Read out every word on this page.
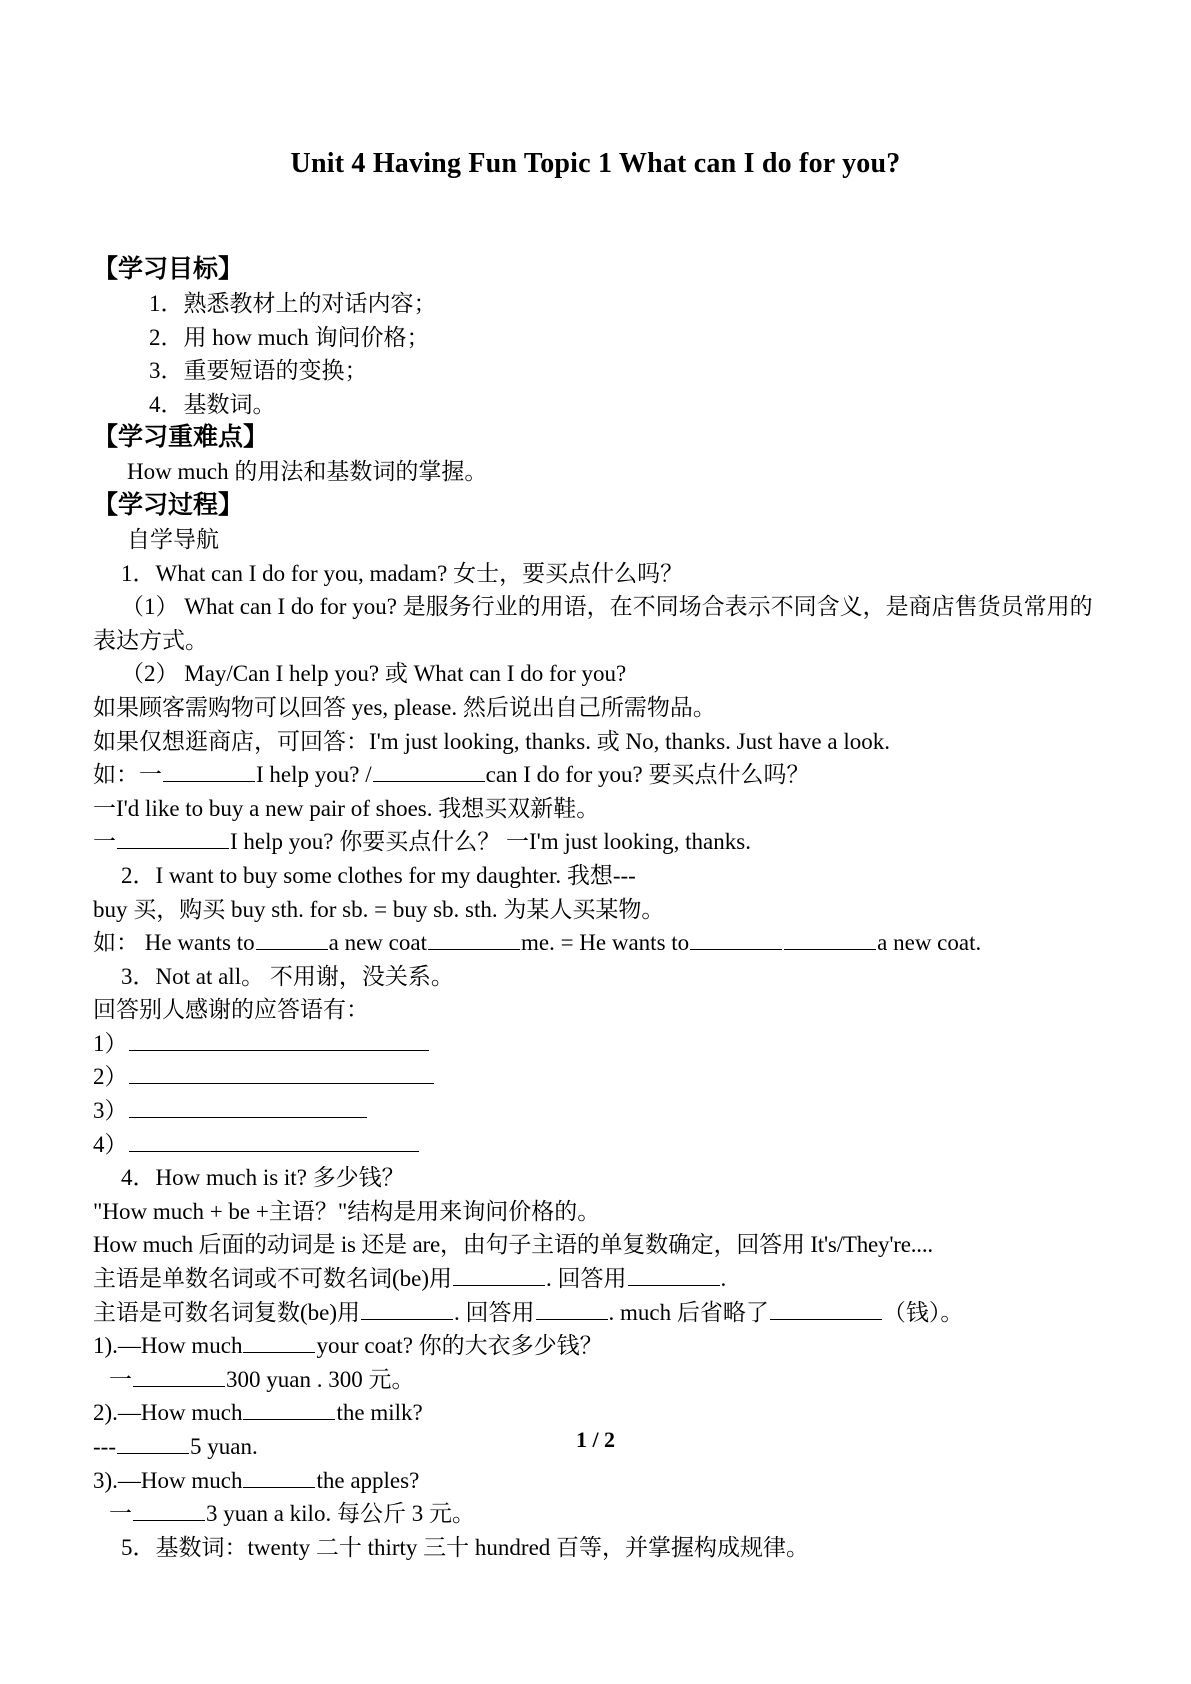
Unit 4 Having Fun Topic 1 What can I do for you?

【学习目标】

1．熟悉教材上的对话内容；

2．用 how much 询问价格；

3．重要短语的变换；

4．基数词。

【学习重难点】

How much 的用法和基数词的掌握。

【学习过程】

自学导航

1．What can I do for you, madam? 女士，要买点什么吗？

（1） What can I do for you? 是服务行业的用语，在不同场合表示不同含义，是商店售货员常用的表达方式。

（2） May/Can I help you? 或 What can I do for you?

如果顾客需购物可以回答 yes, please. 然后说出自己所需物品。

如果仅想逛商店，可回答：I'm just looking, thanks. 或 No, thanks. Just have a look.

如：一	I help you? /	can I do for you? 要买点什么吗？

一I'd like to buy a new pair of shoes. 我想买双新鞋。

一	I help you? 你要买点什么？ 一I'm just looking, thanks.

2．I want to buy some clothes for my daughter. 我想---

buy 买，购买 buy sth. for sb. = buy sb. sth. 为某人买某物。

如： He wants to	a new coat	me. = He wants to	a new coat.

3．Not at all。 不用谢，没关系。

回答别人感谢的应答语有：

1）

2）

3）

4）

4．How much is it? 多少钱？

"How much + be +主语？"结构是用来询问价格的。

How much 后面的动词是 is 还是 are，由句子主语的单复数确定，回答用 It's/They're....

主语是单数名词或不可数名词(be)用	. 回答用	.

主语是可数名词复数(be)用	. 回答用	. much 后省略了	（钱）。

1).—How much	your coat? 你的大衣多少钱？

一	300 yuan . 300 元。

2).—How much	the milk?

---	5 yuan.

3).—How much	the apples?

一	3 yuan a kilo. 每公斤 3 元。

5．基数词：twenty 二十 thirty 三十 hundred 百等，并掌握构成规律。

1 / 2
